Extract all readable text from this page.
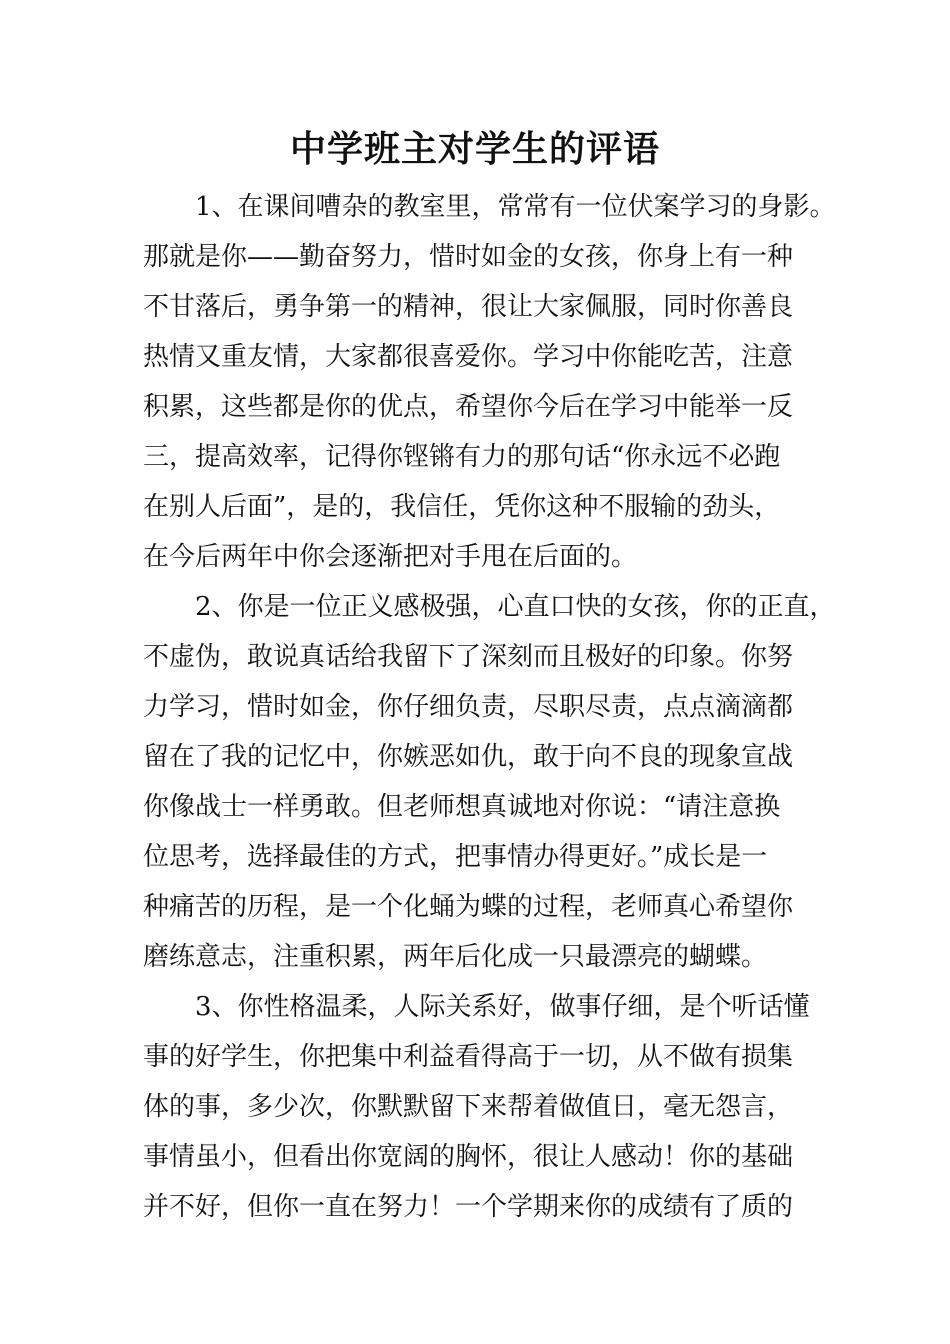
中学班主对学生的评语

1、在课间嘈杂的教室里，常常有一位伏案学习的身影。
那就是你——勤奋努力，惜时如金的女孩，你身上有一种
不甘落后，勇争第一的精神，很让大家佩服，同时你善良
热情又重友情，大家都很喜爱你。学习中你能吃苦，注意
积累，这些都是你的优点，希望你今后在学习中能举一反
三，提高效率，记得你铿锵有力的那句话“你永远不必跑
在别人后面”，是的，我信任，凭你这种不服输的劲头，
在今后两年中你会逐渐把对手甩在后面的。

2、你是一位正义感极强，心直口快的女孩，你的正直，
不虚伪，敢说真话给我留下了深刻而且极好的印象。你努
力学习，惜时如金，你仔细负责，尽职尽责，点点滴滴都
留在了我的记忆中，你嫉恶如仇，敢于向不良的现象宣战
你像战士一样勇敢。但老师想真诚地对你说：“请注意换
位思考，选择最佳的方式，把事情办得更好。”成长是一
种痛苦的历程，是一个化蛹为蝶的过程，老师真心希望你
磨练意志，注重积累，两年后化成一只最漂亮的蝴蝶。

3、你性格温柔，人际关系好，做事仔细，是个听话懂
事的好学生，你把集中利益看得高于一切，从不做有损集
体的事，多少次，你默默留下来帮着做值日，毫无怨言，
事情虽小，但看出你宽阔的胸怀，很让人感动！你的基础
并不好，但你一直在努力！一个学期来你的成绩有了质的
